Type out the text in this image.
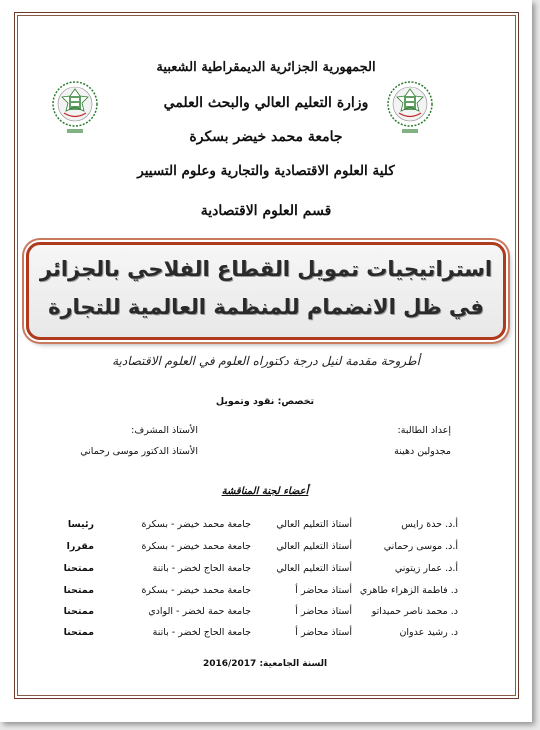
الجمهورية الجزائرية الديمقراطية الشعبية
وزارة التعليم العالي والبحث العلمي
جامعة محمد خيضر بسكرة
كلية العلوم الاقتصادية والتجارية وعلوم التسيير
قسم العلوم الاقتصادية
استراتيجيات تمويل القطاع الفلاحي بالجزائر
في ظل الانضمام للمنظمة العالمية للتجارة
أطروحة مقدمة لنيل درجة دكتوراه العلوم في العلوم الاقتصادية
تخصص: نقود وتمويل
إعداد الطالبة:
مجدولين دهينة
الأستاذ المشرف:
الأستاذ الدكتور موسى رحماني
أعضاء لجنة المناقشة
أ.د. حدة رايس
أستاذ التعليم العالي
جامعة محمد خيضر - بسكرة
رئيسا
أ.د. موسى رحماني
أستاذ التعليم العالي
جامعة محمد خيضر - بسكرة
مقررا
أ.د. عمار زيتوني
أستاذ التعليم العالي
جامعة الحاج لخضر - باتنة
ممتحنا
د. فاطمة الزهراء طاهري
أستاذ محاضر أ
جامعة محمد خيضر - بسكرة
ممتحنا
د. محمد ناصر حميداتو
أستاذ محاضر أ
جامعة حمة لخضر - الوادي
ممتحنا
د. رشيد عدوان
أستاذ محاضر أ
جامعة الحاج لخضر - باتنة
ممتحنا
السنة الجامعية: 2016/2017
